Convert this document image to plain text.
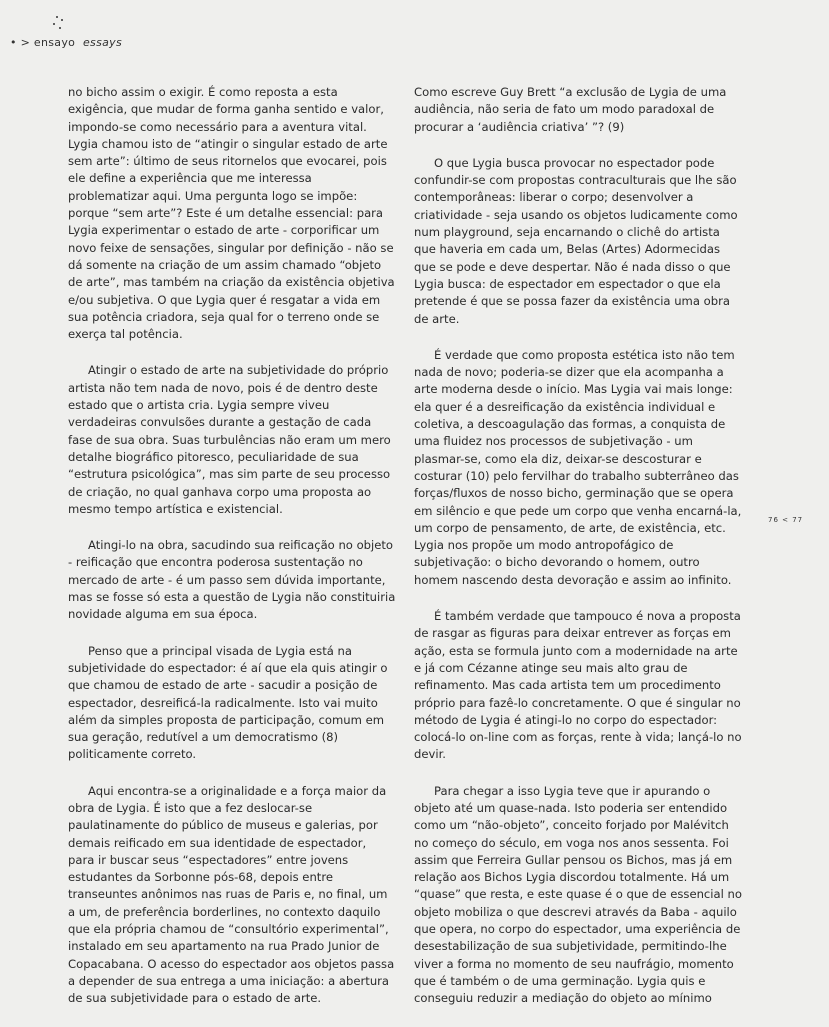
• > ensayo essays

no bicho assim o exigir. É como reposta a esta exigência, que mudar de forma ganha sentido e valor, impondo-se como necessário para a aventura vital.

Lygia chamou isto de “atingir o singular estado de arte sem arte”: último de seus ritornelos que evocarei, pois ele define a experiência que me interessa problematizar aqui. Uma pergunta logo se impõe: porque “sem arte”? Este é um detalhe essencial: para Lygia experimentar o estado de arte - corporificar um novo feixe de sensações, singular por definição - não se dá somente na criação de um assim chamado “objeto de arte”, mas também na criação da existência objetiva e/ou subjetiva. O que Lygia quer é resgatar a vida em sua potência criadora, seja qual for o terreno onde se exerça tal potência.

Atingir o estado de arte na subjetividade do próprio artista não tem nada de novo, pois é de dentro deste estado que o artista cria. Lygia sempre viveu verdadeiras convulsões durante a gestação de cada fase de sua obra. Suas turbulências não eram um mero detalhe biográfico pitoresco, peculiaridade de sua “estrutura psicológica”, mas sim parte de seu processo de criação, no qual ganhava corpo uma proposta ao mesmo tempo artística e existencial.

Atingi-lo na obra, sacudindo sua reificação no objeto - reificação que encontra poderosa sustentação no mercado de arte - é um passo sem dúvida importante, mas se fosse só esta a questão de Lygia não constituiria novidade alguma em sua época.

Penso que a principal visada de Lygia está na subjetividade do espectador: é aí que ela quis atingir o que chamou de estado de arte - sacudir a posição de espectador, desreificá-la radicalmente. Isto vai muito além da simples proposta de participação, comum em sua geração, redutível a um democratismo (8) politicamente correto.

Aqui encontra-se a originalidade e a força maior da obra de Lygia. É isto que a fez deslocar-se paulatinamente do público de museus e galerias, por demais reificado em sua identidade de espectador, para ir buscar seus “espectadores” entre jovens estudantes da Sorbonne pós-68, depois entre transeuntes anônimos nas ruas de Paris e, no final, um a um, de preferência borderlines, no contexto daquilo que ela própria chamou de “consultório experimental”, instalado em seu apartamento na rua Prado Junior de Copacabana. O acesso do espectador aos objetos passa a depender de sua entrega a uma iniciação: a abertura de sua subjetividade para o estado de arte.

Como escreve Guy Brett “a exclusão de Lygia de uma audiência, não seria de fato um modo paradoxal de procurar a ‘audiência criativa’ ”? (9)

O que Lygia busca provocar no espectador pode confundir-se com propostas contraculturais que lhe são contemporâneas: liberar o corpo; desenvolver a criatividade - seja usando os objetos ludicamente como num playground, seja encarnando o clichê do artista que haveria em cada um, Belas (Artes) Adormecidas que se pode e deve despertar. Não é nada disso o que Lygia busca: de espectador em espectador o que ela pretende é que se possa fazer da existência uma obra de arte.

É verdade que como proposta estética isto não tem nada de novo; poderia-se dizer que ela acompanha a arte moderna desde o início. Mas Lygia vai mais longe: ela quer é a desreificação da existência individual e coletiva, a descoagulação das formas, a conquista de uma fluidez nos processos de subjetivação - um plasmar-se, como ela diz, deixar-se descosturar e costurar (10) pelo fervilhar do trabalho subterrâneo das forças/fluxos de nosso bicho, germinação que se opera em silêncio e que pede um corpo que venha encarná-la, um corpo de pensamento, de arte, de existência, etc. Lygia nos propõe um modo antropofágico de subjetivação: o bicho devorando o homem, outro homem nascendo desta devoração e assim ao infinito.

É também verdade que tampouco é nova a proposta de rasgar as figuras para deixar entrever as forças em ação, esta se formula junto com a modernidade na arte e já com Cézanne atinge seu mais alto grau de refinamento. Mas cada artista tem um procedimento próprio para fazê-lo concretamente. O que é singular no método de Lygia é atingi-lo no corpo do espectador: colocá-lo on-line com as forças, rente à vida; lançá-lo no devir.

Para chegar a isso Lygia teve que ir apurando o objeto até um quase-nada. Isto poderia ser entendido como um “não-objeto”, conceito forjado por Malévitch no começo do século, em voga nos anos sessenta. Foi assim que Ferreira Gullar pensou os Bichos, mas já em relação aos Bichos Lygia discordou totalmente. Há um “quase” que resta, e este quase é o que de essencial no objeto mobiliza o que descrevi através da Baba - aquilo que opera, no corpo do espectador, uma experiência de desestabilização de sua subjetividade, permitindo-lhe viver a forma no momento de seu naufrágio, momento que é também o de uma germinação. Lygia quis e conseguiu reduzir a mediação do objeto ao mínimo

76 < 77
